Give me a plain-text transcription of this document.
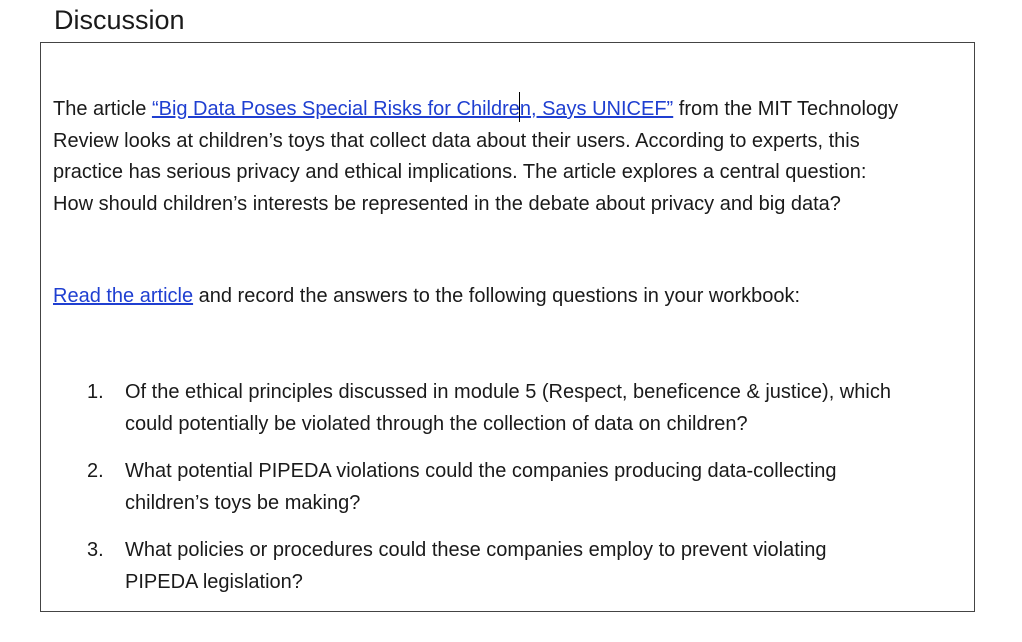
Discussion

The article “Big Data Poses Special Risks for Children, Says UNICEF” from the MIT Technology
Review looks at children’s toys that collect data about their users. According to experts, this
practice has serious privacy and ethical implications. The article explores a central question:
How should children’s interests be represented in the debate about privacy and big data?

Read the article and record the answers to the following questions in your workbook:

1. Of the ethical principles discussed in module 5 (Respect, beneficence & justice), which
could potentially be violated through the collection of data on children?
2. What potential PIPEDA violations could the companies producing data-collecting
children’s toys be making?
3. What policies or procedures could these companies employ to prevent violating
PIPEDA legislation?
